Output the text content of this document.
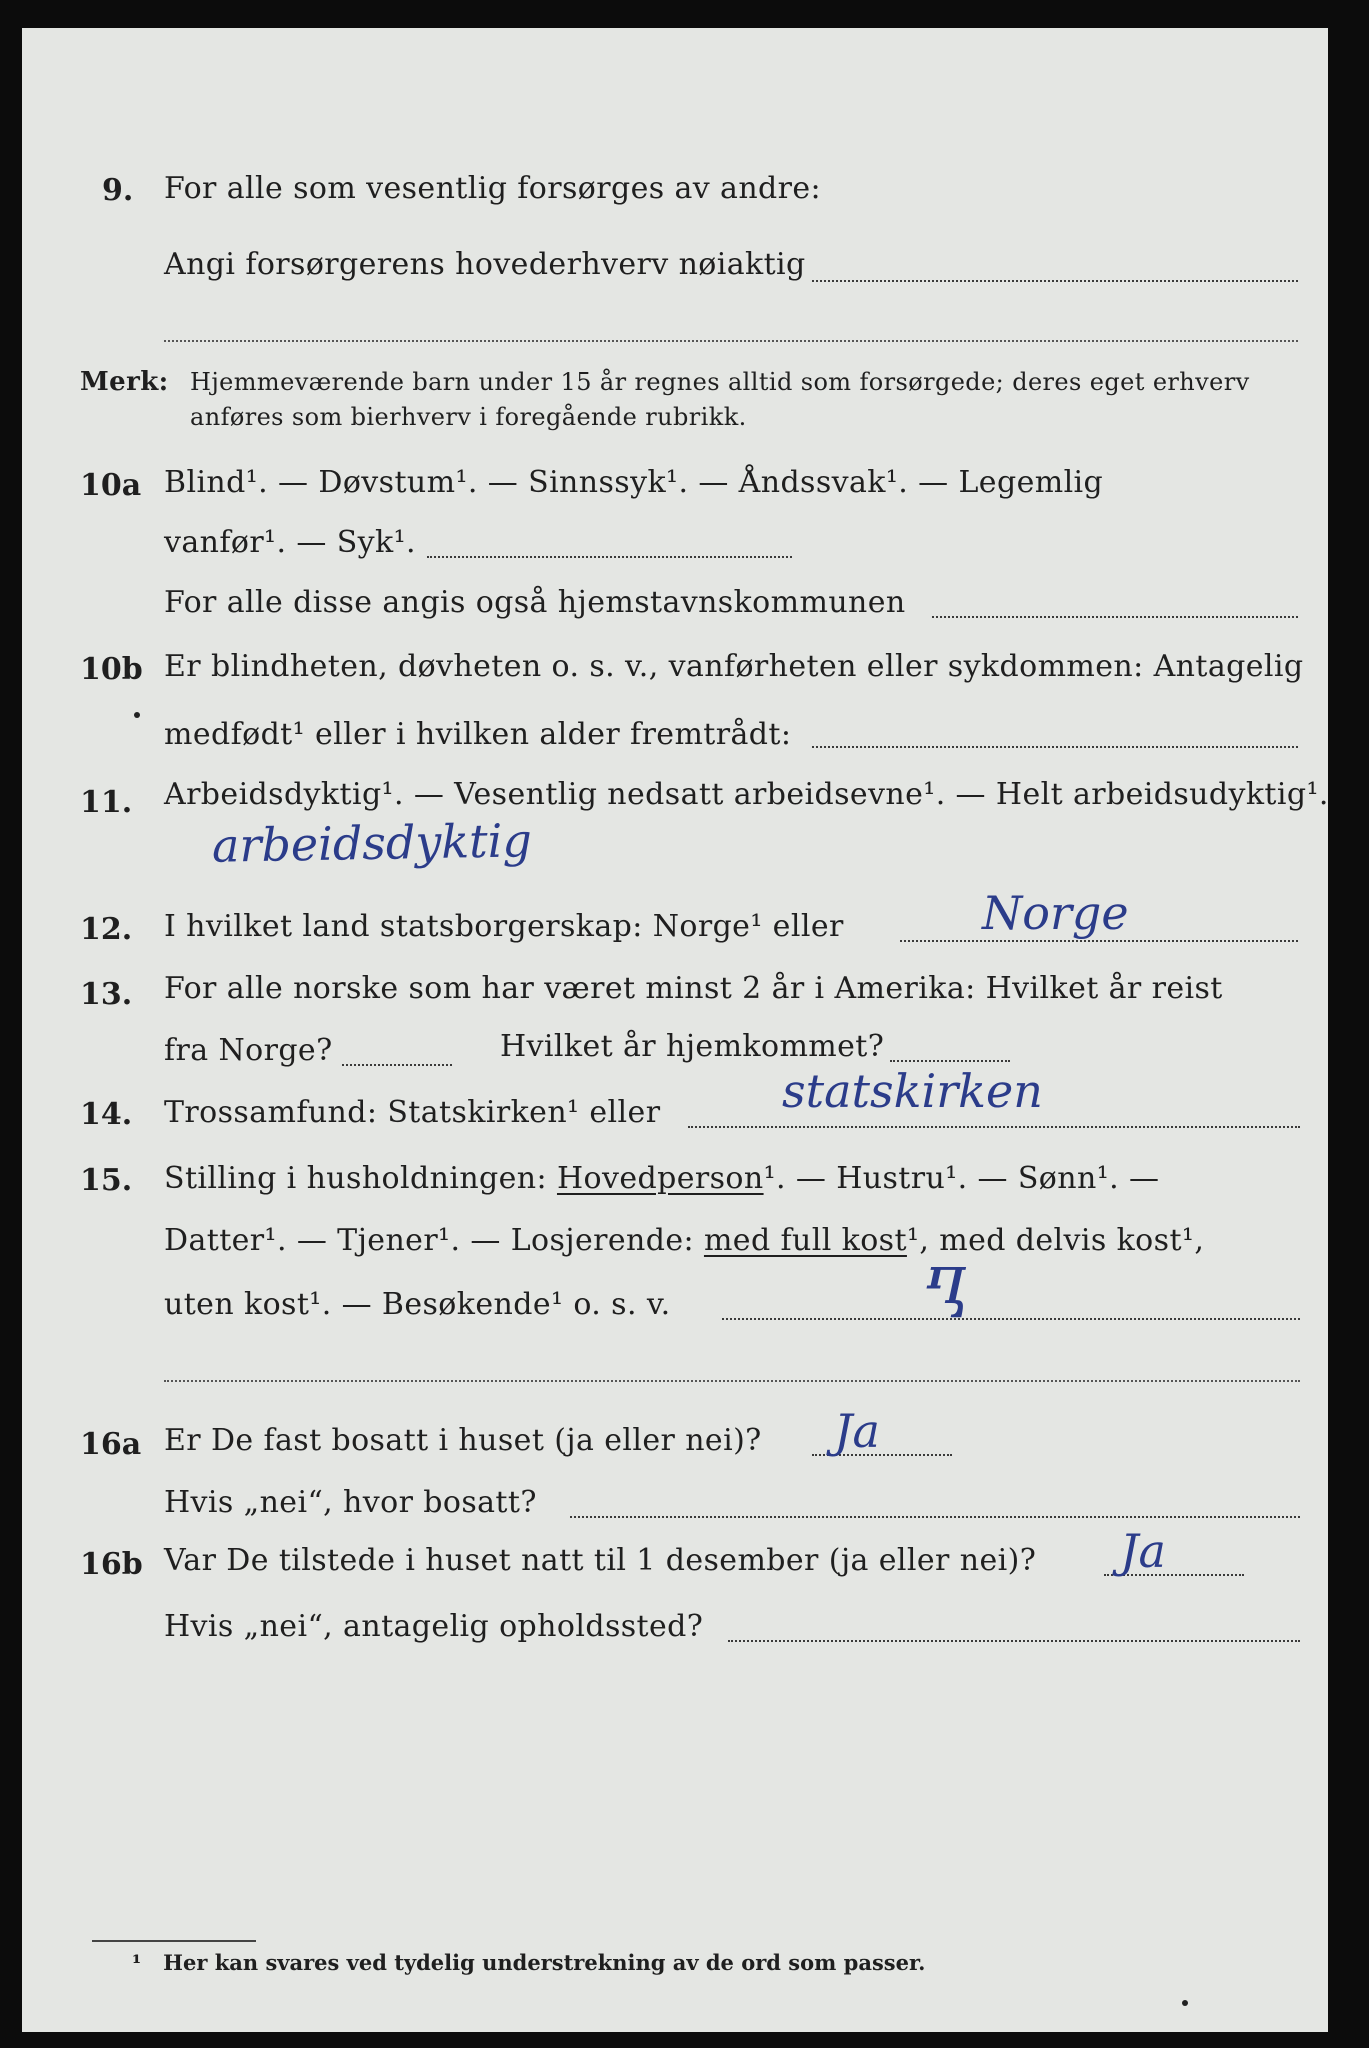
9. For alle som vesentlig forsørges av andre:
Angi forsørgerens hovederhverv nøiaktig
Merk: Hjemmeværende barn under 15 år regnes alltid som forsørgede; deres eget erhverv
anføres som bierhverv i foregående rubrikk.
10a Blind¹. — Døvstum¹. — Sinnssyk¹. — Åndssvak¹. — Legemlig
vanfør¹. — Syk¹.
For alle disse angis også hjemstavnskommunen
10b Er blindheten, døvheten o. s. v., vanførheten eller sykdommen: Antagelig
medfødt¹ eller i hvilken alder fremtrådt:
11. Arbeidsdyktig¹. — Vesentlig nedsatt arbeidsevne¹. — Helt arbeidsudyktig¹.
arbeidsdyktig
12. I hvilket land statsborgerskap: Norge¹ eller	Norge
13. For alle norske som har været minst 2 år i Amerika: Hvilket år reist
fra Norge?	Hvilket år hjemkommet?
14. Trossamfund: Statskirken¹ eller	statskirken
15. Stilling i husholdningen: Hovedperson¹. — Hustru¹. — Sønn¹. —
Datter¹. — Tjener¹. — Losjerende: med full kost¹, med delvis kost¹,
uten kost¹. — Besøkende¹ o. s. v.	Ⴂ
16a Er De fast bosatt i huset (ja eller nei)? Ja
Hvis „nei“, hvor bosatt?
16b Var De tilstede i huset natt til 1 desember (ja eller nei)? Ja
Hvis „nei“, antagelig opholdssted?
¹ Her kan svares ved tydelig understrekning av de ord som passer.
